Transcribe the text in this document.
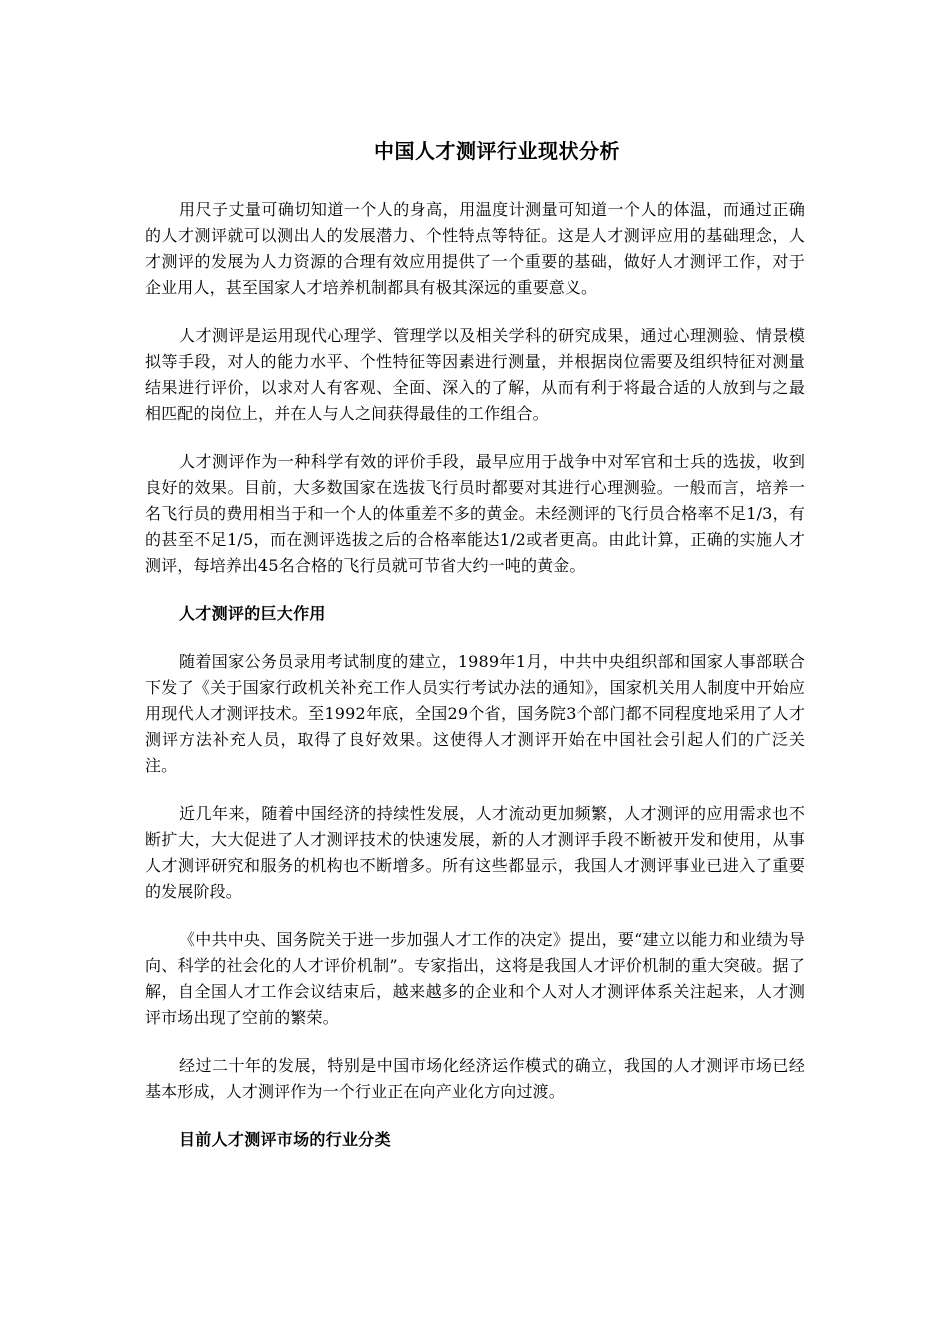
中国人才测评行业现状分析

用尺子丈量可确切知道一个人的身高，用温度计测量可知道一个人的体温，而通过正确的人才测评就可以测出人的发展潜力、个性特点等特征。这是人才测评应用的基础理念，人才测评的发展为人力资源的合理有效应用提供了一个重要的基础，做好人才测评工作，对于企业用人，甚至国家人才培养机制都具有极其深远的重要意义。

人才测评是运用现代心理学、管理学以及相关学科的研究成果，通过心理测验、情景模拟等手段，对人的能力水平、个性特征等因素进行测量，并根据岗位需要及组织特征对测量结果进行评价，以求对人有客观、全面、深入的了解，从而有利于将最合适的人放到与之最相匹配的岗位上，并在人与人之间获得最佳的工作组合。

人才测评作为一种科学有效的评价手段，最早应用于战争中对军官和士兵的选拔，收到良好的效果。目前，大多数国家在选拔飞行员时都要对其进行心理测验。一般而言，培养一名飞行员的费用相当于和一个人的体重差不多的黄金。未经测评的飞行员合格率不足1/3，有的甚至不足1/5，而在测评选拔之后的合格率能达1/2或者更高。由此计算，正确的实施人才测评，每培养出45名合格的飞行员就可节省大约一吨的黄金。

人才测评的巨大作用

随着国家公务员录用考试制度的建立，1989年1月，中共中央组织部和国家人事部联合下发了《关于国家行政机关补充工作人员实行考试办法的通知》，国家机关用人制度中开始应用现代人才测评技术。至1992年底，全国29个省，国务院3个部门都不同程度地采用了人才测评方法补充人员，取得了良好效果。这使得人才测评开始在中国社会引起人们的广泛关注。

近几年来，随着中国经济的持续性发展，人才流动更加频繁，人才测评的应用需求也不断扩大，大大促进了人才测评技术的快速发展，新的人才测评手段不断被开发和使用，从事人才测评研究和服务的机构也不断增多。所有这些都显示，我国人才测评事业已进入了重要的发展阶段。

《中共中央、国务院关于进一步加强人才工作的决定》提出，要“建立以能力和业绩为导向、科学的社会化的人才评价机制”。专家指出，这将是我国人才评价机制的重大突破。据了解，自全国人才工作会议结束后，越来越多的企业和个人对人才测评体系关注起来，人才测评市场出现了空前的繁荣。

经过二十年的发展，特别是中国市场化经济运作模式的确立，我国的人才测评市场已经基本形成，人才测评作为一个行业正在向产业化方向过渡。

目前人才测评市场的行业分类
